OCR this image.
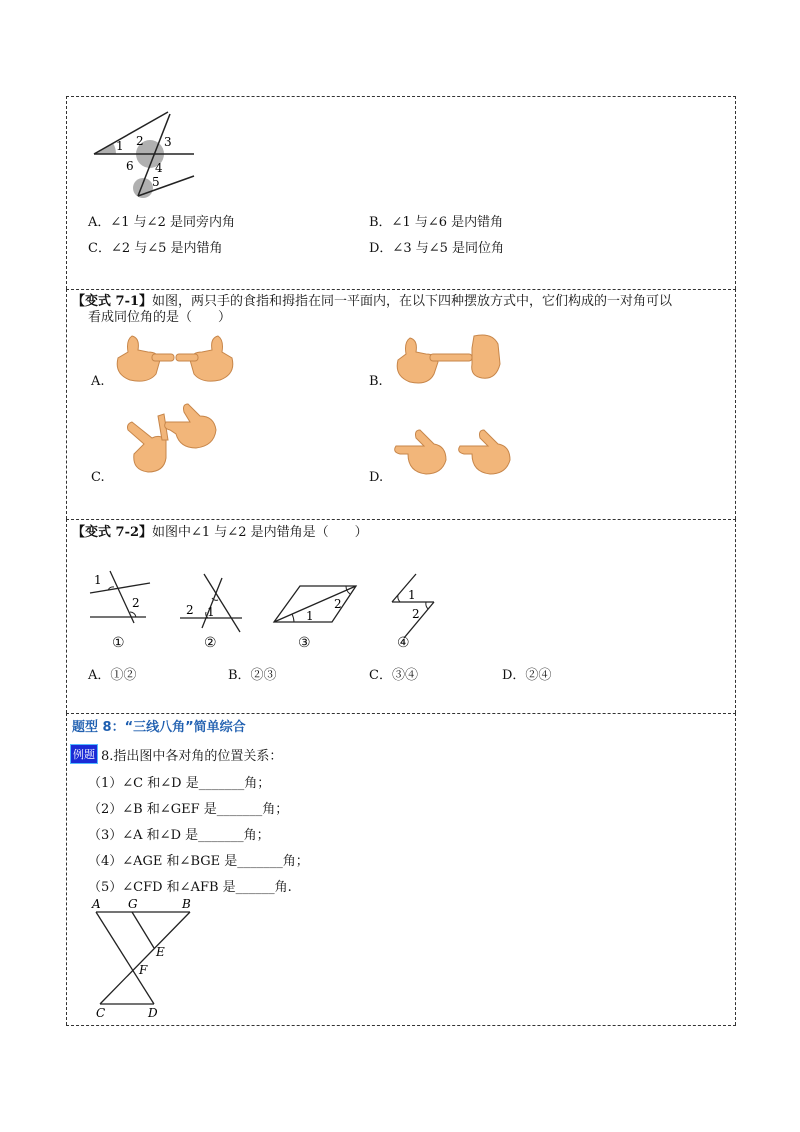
1 2 3
4
5
6
A．∠1 与∠2 是同旁内角	B．∠1 与∠6 是内错角
C．∠2 与∠5 是内错角	D．∠3 与∠5 是同位角
【变式 7-1】如图，两只手的食指和拇指在同一平面内，在以下四种摆放方式中，它们构成的一对角可以
看成同位角的是（　　）
A.	B.
C.	D.
【变式 7-2】如图中∠1 与∠2 是内错角是（　　）
1
2
①
2 1
②
1
2
③
1
2
④
A．①②	B．②③	C．③④	D．②④
题型 8：“三线八角”简单综合
例题 8.指出图中各对角的位置关系：
（1）∠C 和∠D 是_______角；
（2）∠B 和∠GEF 是_______角；
（3）∠A 和∠D 是_______角；
（4）∠AGE 和∠BGE 是_______角；
（5）∠CFD 和∠AFB 是______角.
A G	B
E
F
C	D
